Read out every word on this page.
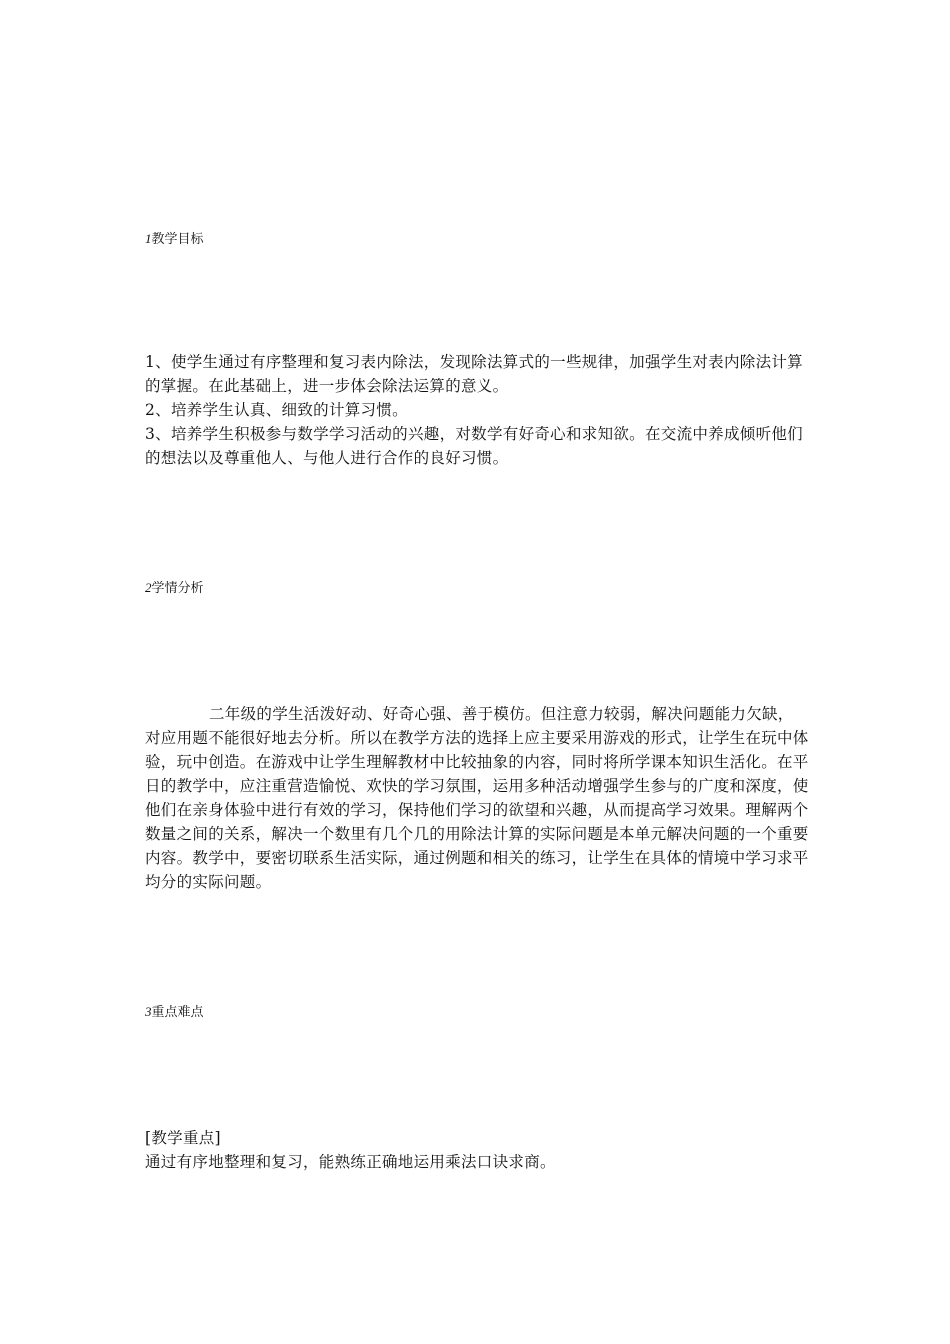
1教学目标

1、使学生通过有序整理和复习表内除法，发现除法算式的一些规律，加强学生对表内除法计算的掌握。在此基础上，进一步体会除法运算的意义。

2、培养学生认真、细致的计算习惯。

3、培养学生积极参与数学学习活动的兴趣，对数学有好奇心和求知欲。在交流中养成倾听他们的想法以及尊重他人、与他人进行合作的良好习惯。

2学情分析

二年级的学生活泼好动、好奇心强、善于模仿。但注意力较弱，解决问题能力欠缺，对应用题不能很好地去分析。所以在教学方法的选择上应主要采用游戏的形式，让学生在玩中体验，玩中创造。在游戏中让学生理解教材中比较抽象的内容，同时将所学课本知识生活化。在平日的教学中，应注重营造愉悦、欢快的学习氛围，运用多种活动增强学生参与的广度和深度，使他们在亲身体验中进行有效的学习，保持他们学习的欲望和兴趣，从而提高学习效果。理解两个数量之间的关系，解决一个数里有几个几的用除法计算的实际问题是本单元解决问题的一个重要内容。教学中，要密切联系生活实际，通过例题和相关的练习，让学生在具体的情境中学习求平均分的实际问题。

3重点难点

[教学重点]

通过有序地整理和复习，能熟练正确地运用乘法口诀求商。
